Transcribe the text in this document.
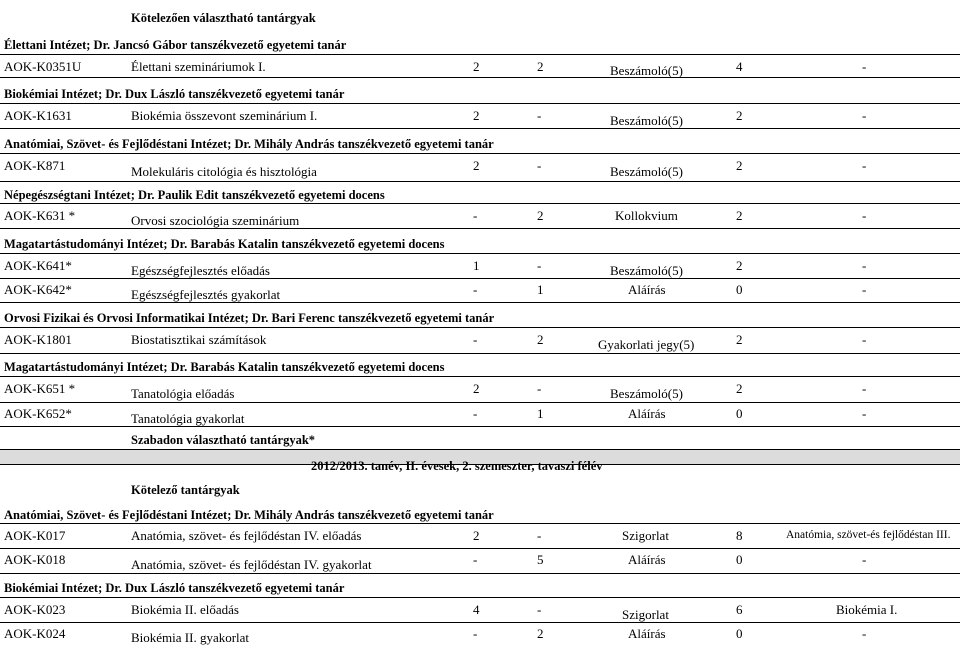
Kötelezően választható tantárgyak
Élettani Intézet; Dr. Jancsó Gábor tanszékvezető egyetemi tanár
AOK-K0351U	Élettani szemináriumok I.	2	2	Beszámoló(5)	4	-
Biokémiai Intézet; Dr. Dux László tanszékvezető egyetemi tanár
AOK-K1631	Biokémia összevont szeminárium I.	2	-	Beszámoló(5)	2	-
Anatómiai, Szövet- és Fejlődéstani Intézet; Dr. Mihály András tanszékvezető egyetemi tanár
AOK-K871	Molekuláris citológia és hisztológia	2	-	Beszámoló(5)	2	-
Népegészségtani Intézet; Dr. Paulik Edit tanszékvezető egyetemi docens
AOK-K631 *	Orvosi szociológia szeminárium	-	2	Kollokvium	2	-
Magatartástudományi Intézet; Dr. Barabás Katalin tanszékvezető egyetemi docens
AOK-K641*	Egészségfejlesztés előadás	1	-	Beszámoló(5)	2	-
AOK-K642*	Egészségfejlesztés gyakorlat	-	1	Aláírás	0	-
Orvosi Fizikai és Orvosi Informatikai Intézet; Dr. Bari Ferenc tanszékvezető egyetemi tanár
AOK-K1801	Biostatisztikai számítások	-	2	Gyakorlati jegy(5)	2	-
Magatartástudományi Intézet; Dr. Barabás Katalin tanszékvezető egyetemi docens
AOK-K651 *	Tanatológia előadás	2	-	Beszámoló(5)	2	-
AOK-K652*	Tanatológia gyakorlat	-	1	Aláírás	0	-
Szabadon választható tantárgyak*
2012/2013. tanév, II. évesek, 2. szemeszter, tavaszi félév
Kötelező tantárgyak
Anatómiai, Szövet- és Fejlődéstani Intézet; Dr. Mihály András tanszékvezető egyetemi tanár
AOK-K017	Anatómia, szövet- és fejlődéstan IV. előadás	2	-	Szigorlat	8	Anatómia, szövet-és fejlődéstan III.
AOK-K018	Anatómia, szövet- és fejlődéstan IV. gyakorlat	-	5	Aláírás	0	-
Biokémiai Intézet; Dr. Dux László tanszékvezető egyetemi tanár
AOK-K023	Biokémia II. előadás	4	-	Szigorlat	6	Biokémia I.
AOK-K024	Biokémia II. gyakorlat	-	2	Aláírás	0	-
